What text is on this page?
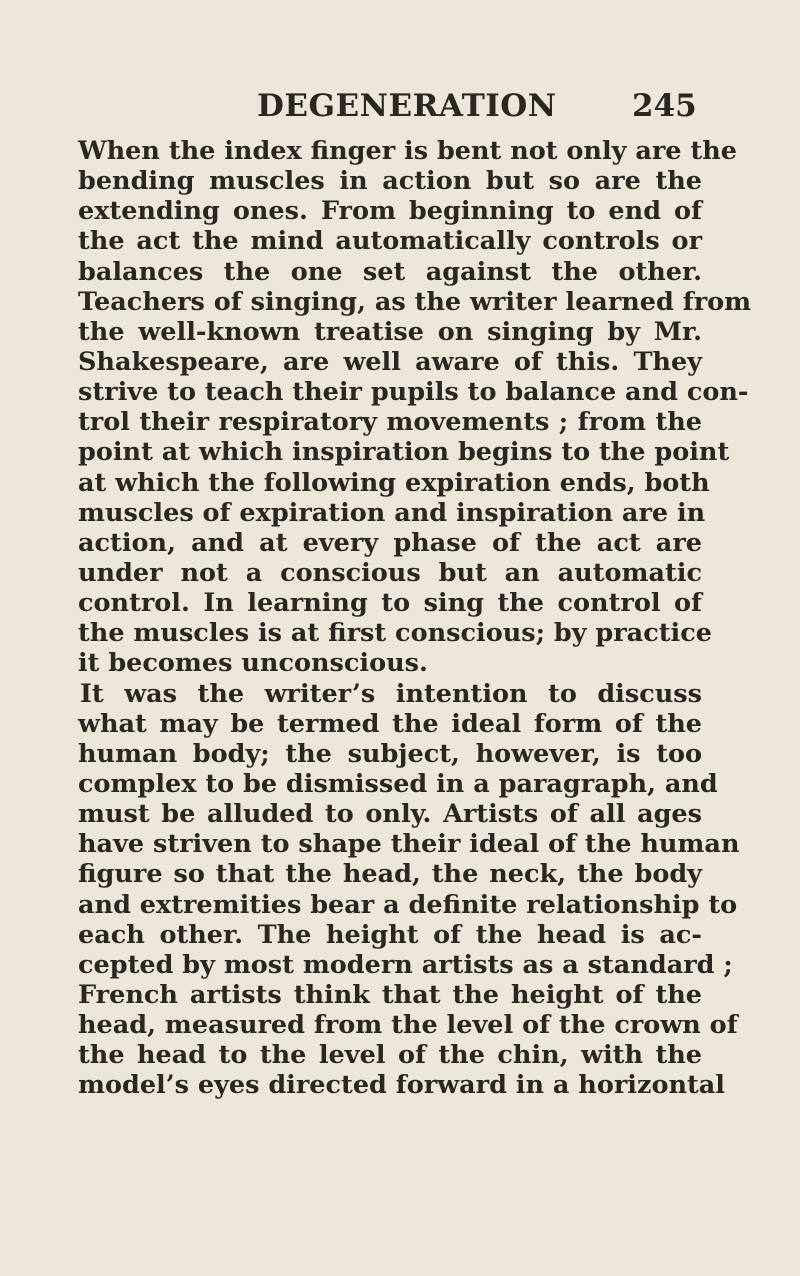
DEGENERATION 245
When the index finger is bent not only are the
bending muscles in action but so are the
extending ones. From beginning to end of
the act the mind automatically controls or
balances the one set against the other.
Teachers of singing, as the writer learned from
the well-known treatise on singing by Mr.
Shakespeare, are well aware of this. They
strive to teach their pupils to balance and con-
trol their respiratory movements ; from the
point at which inspiration begins to the point
at which the following expiration ends, both
muscles of expiration and inspiration are in
action, and at every phase of the act are
under not a conscious but an automatic
control. In learning to sing the control of
the muscles is at first conscious; by practice
it becomes unconscious.
It was the writer’s intention to discuss
what may be termed the ideal form of the
human body; the subject, however, is too
complex to be dismissed in a paragraph, and
must be alluded to only. Artists of all ages
have striven to shape their ideal of the human
figure so that the head, the neck, the body
and extremities bear a definite relationship to
each other. The height of the head is ac-
cepted by most modern artists as a standard ;
French artists think that the height of the
head, measured from the level of the crown of
the head to the level of the chin, with the
model’s eyes directed forward in a horizontal
